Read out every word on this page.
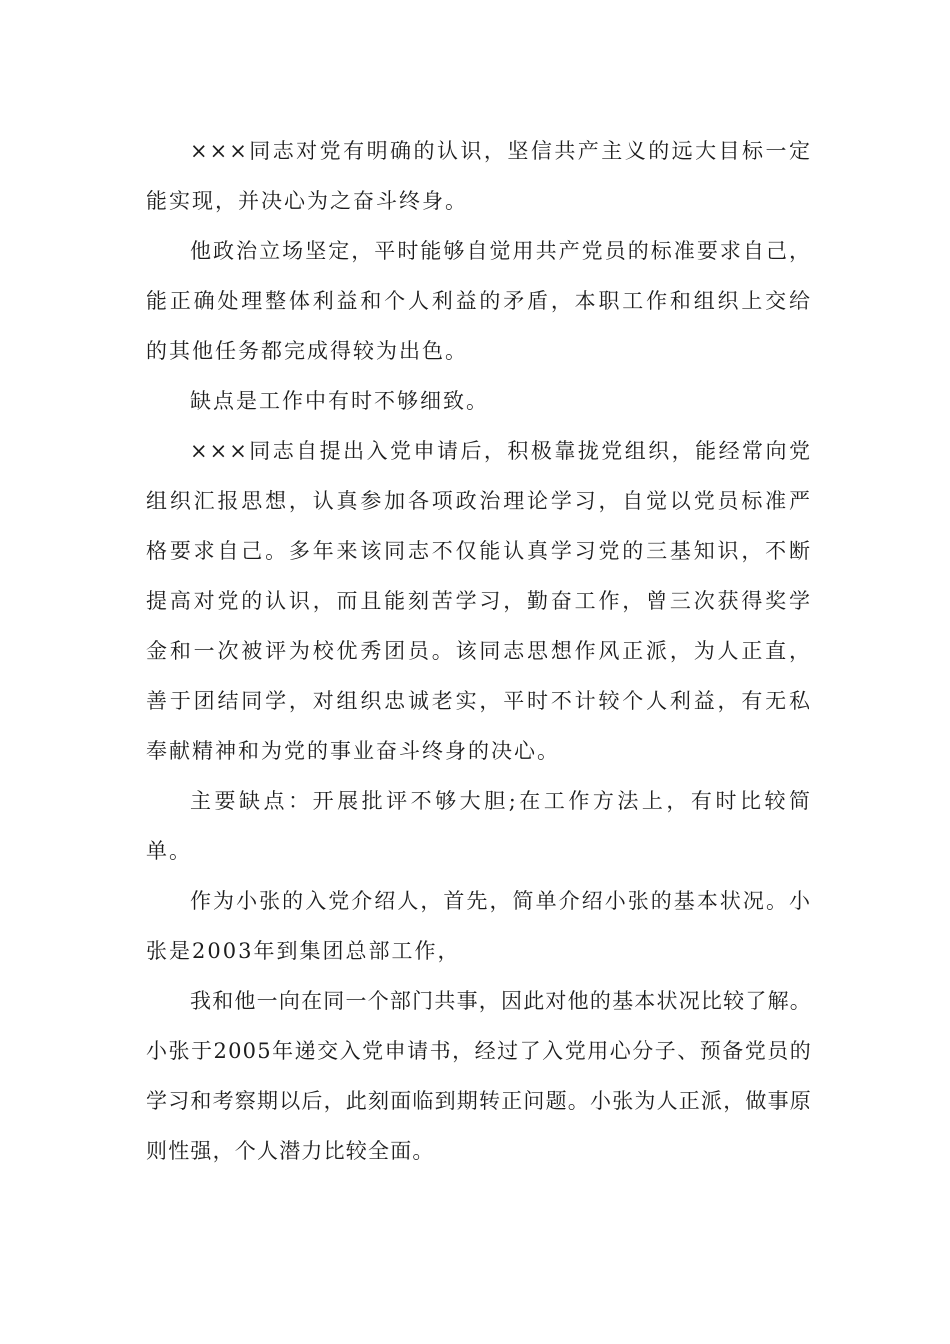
×××同志对党有明确的认识，坚信共产主义的远大目标一定能实现，并决心为之奋斗终身。

他政治立场坚定，平时能够自觉用共产党员的标准要求自己，能正确处理整体利益和个人利益的矛盾，本职工作和组织上交给的其他任务都完成得较为出色。

缺点是工作中有时不够细致。

×××同志自提出入党申请后，积极靠拢党组织，能经常向党组织汇报思想，认真参加各项政治理论学习，自觉以党员标准严格要求自己。多年来该同志不仅能认真学习党的三基知识，不断提高对党的认识，而且能刻苦学习，勤奋工作，曾三次获得奖学金和一次被评为校优秀团员。该同志思想作风正派，为人正直，善于团结同学，对组织忠诚老实，平时不计较个人利益，有无私奉献精神和为党的事业奋斗终身的决心。

主要缺点：开展批评不够大胆;在工作方法上，有时比较简单。

作为小张的入党介绍人，首先，简单介绍小张的基本状况。小张是2003年到集团总部工作，

我和他一向在同一个部门共事，因此对他的基本状况比较了解。小张于2005年递交入党申请书，经过了入党用心分子、预备党员的学习和考察期以后，此刻面临到期转正问题。小张为人正派，做事原则性强，个人潜力比较全面。
